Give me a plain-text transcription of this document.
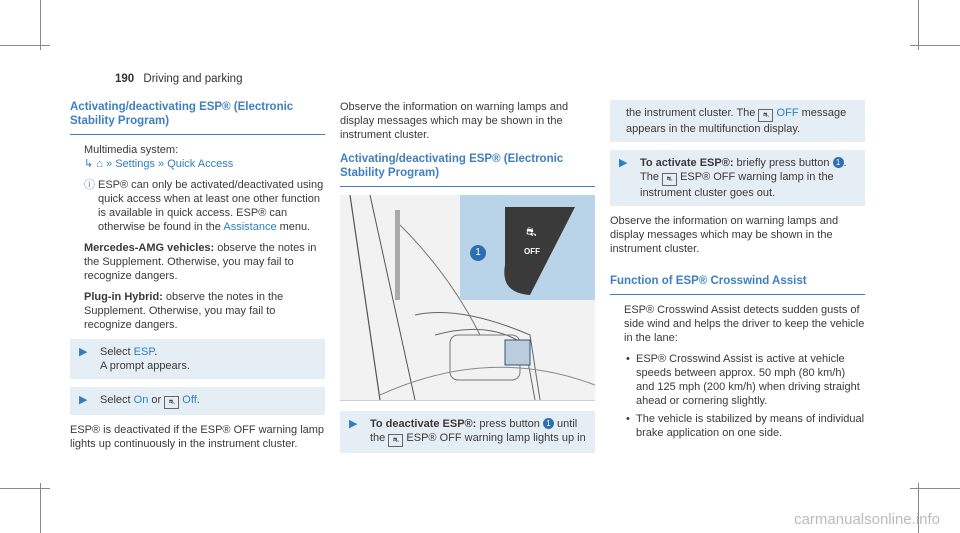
190 Driving and parking
Activating/deactivating ESP® (Electronic Stability Program)

Multimedia system:
↳ ⌂ » Settings » Quick Access

ⓘ ESP® can only be activated/deactivated using quick access when at least one other function is available in quick access. ESP® can otherwise be found in the Assistance menu.

Mercedes-AMG vehicles: observe the notes in the Supplement. Otherwise, you may fail to recognize dangers.

Plug-in Hybrid: observe the notes in the Supplement. Otherwise, you may fail to recognize dangers.

▶ Select ESP.
A prompt appears.
▶ Select On or ⛐ Off.

ESP® is deactivated if the ESP® OFF warning lamp lights up continuously in the instrument cluster.

Observe the information on warning lamps and display messages which may be shown in the instrument cluster.

Activating/deactivating ESP® (Electronic Stability Program)
OFF
⛐
1
▶ To deactivate ESP®: press button 1 until the ⛐ ESP® OFF warning lamp lights up in
the instrument cluster. The ⛐ OFF message appears in the multifunction display.
▶ To activate ESP®: briefly press button 1 . The ⛐ ESP® OFF warning lamp in the instrument cluster goes out.

Observe the information on warning lamps and display messages which may be shown in the instrument cluster.

Function of ESP® Crosswind Assist

ESP® Crosswind Assist detects sudden gusts of side wind and helps the driver to keep the vehicle in the lane:

• ESP® Crosswind Assist is active at vehicle speeds between approx. 50 mph (80 km/h) and 125 mph (200 km/h) when driving straight ahead or cornering slightly.
• The vehicle is stabilized by means of individual brake application on one side.
carmanualsonline.info
